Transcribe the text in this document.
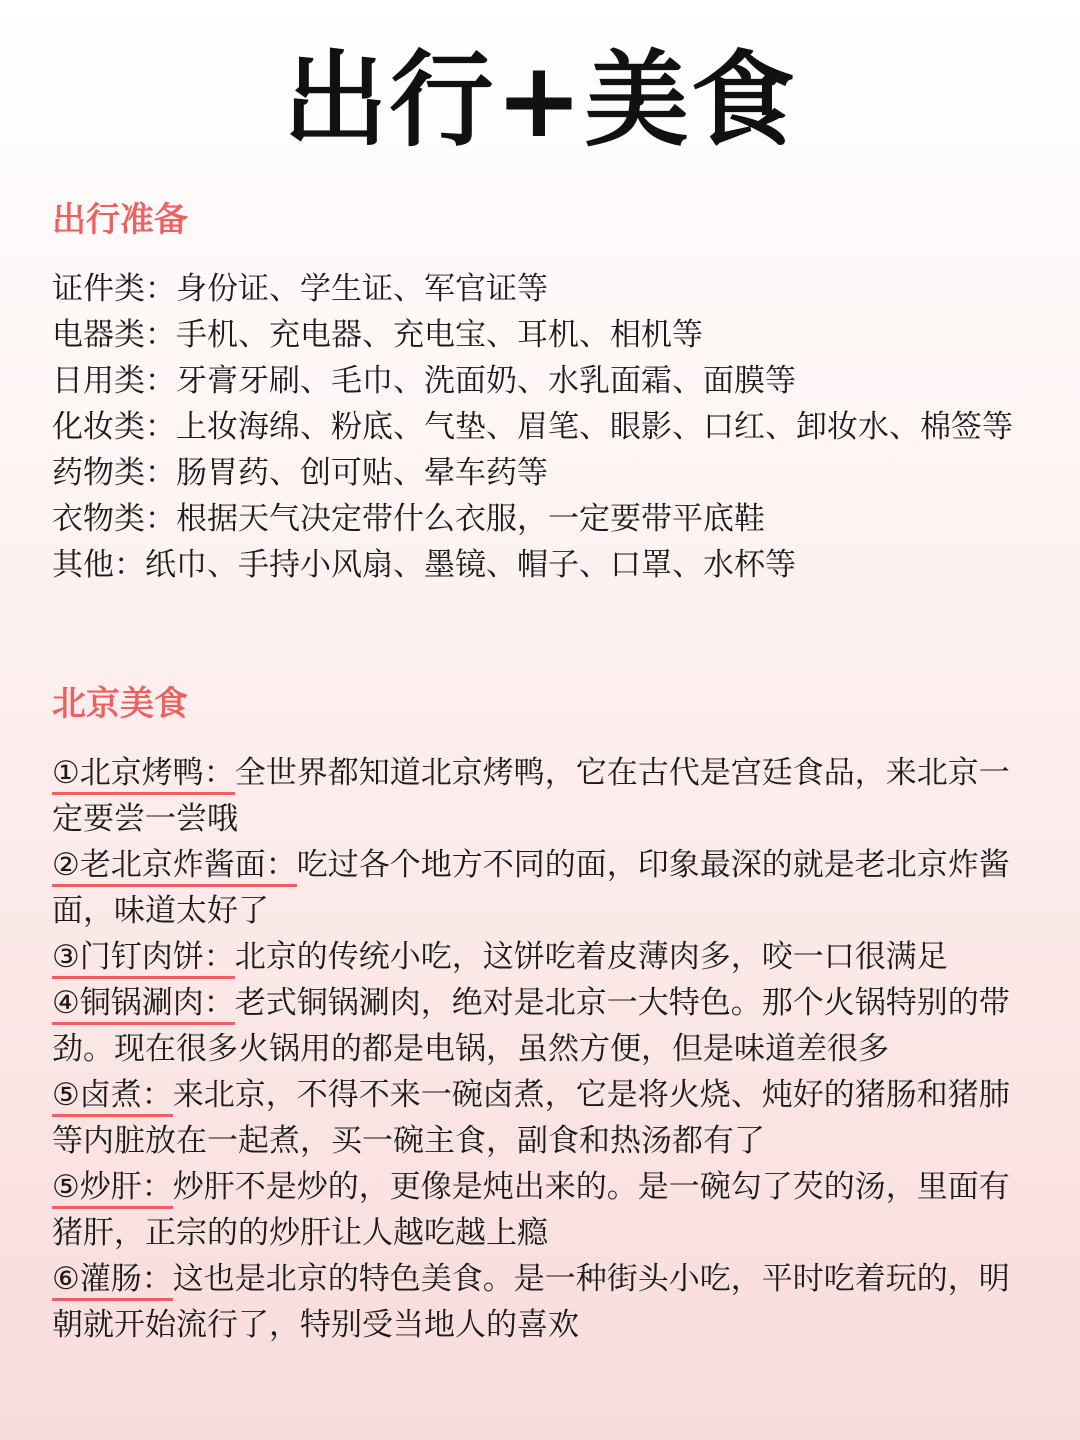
出行+美食
出行准备
证件类：身份证、学生证、军官证等
电器类：手机、充电器、充电宝、耳机、相机等
日用类：牙膏牙刷、毛巾、洗面奶、水乳面霜、面膜等
化妆类：上妆海绵、粉底、气垫、眉笔、眼影、口红、卸妆水、棉签等
药物类：肠胃药、创可贴、晕车药等
衣物类：根据天气决定带什么衣服，一定要带平底鞋
其他：纸巾、手持小风扇、墨镜、帽子、口罩、水杯等
北京美食

①北京烤鸭：全世界都知道北京烤鸭，它在古代是宫廷食品，来北京一定要尝一尝哦

②老北京炸酱面：吃过各个地方不同的面，印象最深的就是老北京炸酱面，味道太好了

③门钉肉饼：北京的传统小吃，这饼吃着皮薄肉多，咬一口很满足

④铜锅涮肉：老式铜锅涮肉，绝对是北京一大特色。那个火锅特别的带劲。现在很多火锅用的都是电锅，虽然方便，但是味道差很多

⑤卤煮：来北京，不得不来一碗卤煮，它是将火烧、炖好的猪肠和猪肺等内脏放在一起煮，买一碗主食，副食和热汤都有了

⑤炒肝：炒肝不是炒的，更像是炖出来的。是一碗勾了芡的汤，里面有猪肝，正宗的的炒肝让人越吃越上瘾

⑥灌肠：这也是北京的特色美食。是一种街头小吃，平时吃着玩的，明朝就开始流行了，特别受当地人的喜欢
